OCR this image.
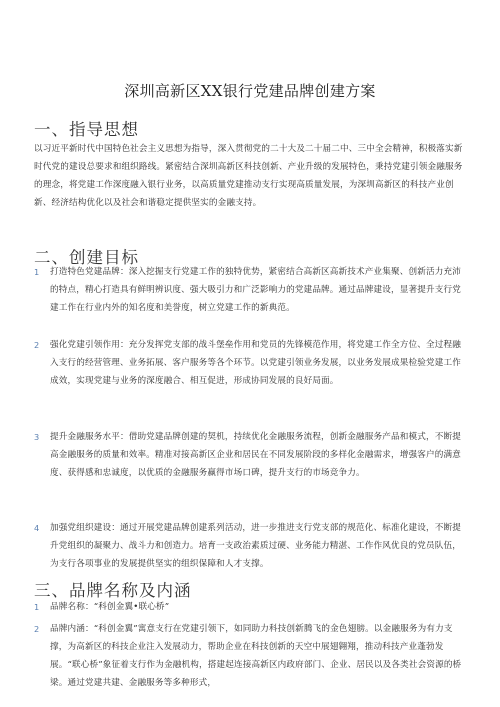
深圳高新区XX银行党建品牌创建方案
一、指导思想

以习近平新时代中国特色社会主义思想为指导，深入贯彻党的二十大及二十届二中、三中全会精神，积极落实新时代党的建设总要求和组织路线。紧密结合深圳高新区科技创新、产业升级的发展特色，秉持党建引领金融服务的理念，将党建工作深度融入银行业务，以高质量党建推动支行实现高质量发展，为深圳高新区的科技产业创新、经济结构优化以及社会和谐稳定提供坚实的金融支持。

二、创建目标
1	打造特色党建品牌：深入挖掘支行党建工作的独特优势，紧密结合高新区高新技术产业集聚、创新活力充沛的特点，精心打造具有鲜明辨识度、强大吸引力和广泛影响力的党建品牌。通过品牌建设，显著提升支行党建工作在行业内外的知名度和美誉度，树立党建工作的新典范。
2	强化党建引领作用：充分发挥党支部的战斗堡垒作用和党员的先锋模范作用，将党建工作全方位、全过程融入支行的经营管理、业务拓展、客户服务等各个环节。以党建引领业务发展，以业务发展成果检验党建工作成效，实现党建与业务的深度融合、相互促进，形成协同发展的良好局面。
3	提升金融服务水平：借助党建品牌创建的契机，持续优化金融服务流程，创新金融服务产品和模式，不断提高金融服务的质量和效率。精准对接高新区企业和居民在不同发展阶段的多样化金融需求，增强客户的满意度、获得感和忠诚度，以优质的金融服务赢得市场口碑，提升支行的市场竞争力。
4	加强党组织建设：通过开展党建品牌创建系列活动，进一步推进支行党支部的规范化、标准化建设，不断提升党组织的凝聚力、战斗力和创造力。培育一支政治素质过硬、业务能力精湛、工作作风优良的党员队伍，为支行各项事业的发展提供坚实的组织保障和人才支撑。
三、品牌名称及内涵
1	品牌名称：“科创金翼•联心桥”
2	品牌内涵：“科创金翼”寓意支行在党建引领下，如同助力科技创新腾飞的金色翅膀。以金融服务为有力支撑，为高新区的科技企业注入发展动力，帮助企业在科技创新的天空中展翅翱翔，推动科技产业蓬勃发展。“联心桥”象征着支行作为金融机构，搭建起连接高新区内政府部门、企业、居民以及各类社会资源的桥梁。通过党建共建、金融服务等多种形式，
